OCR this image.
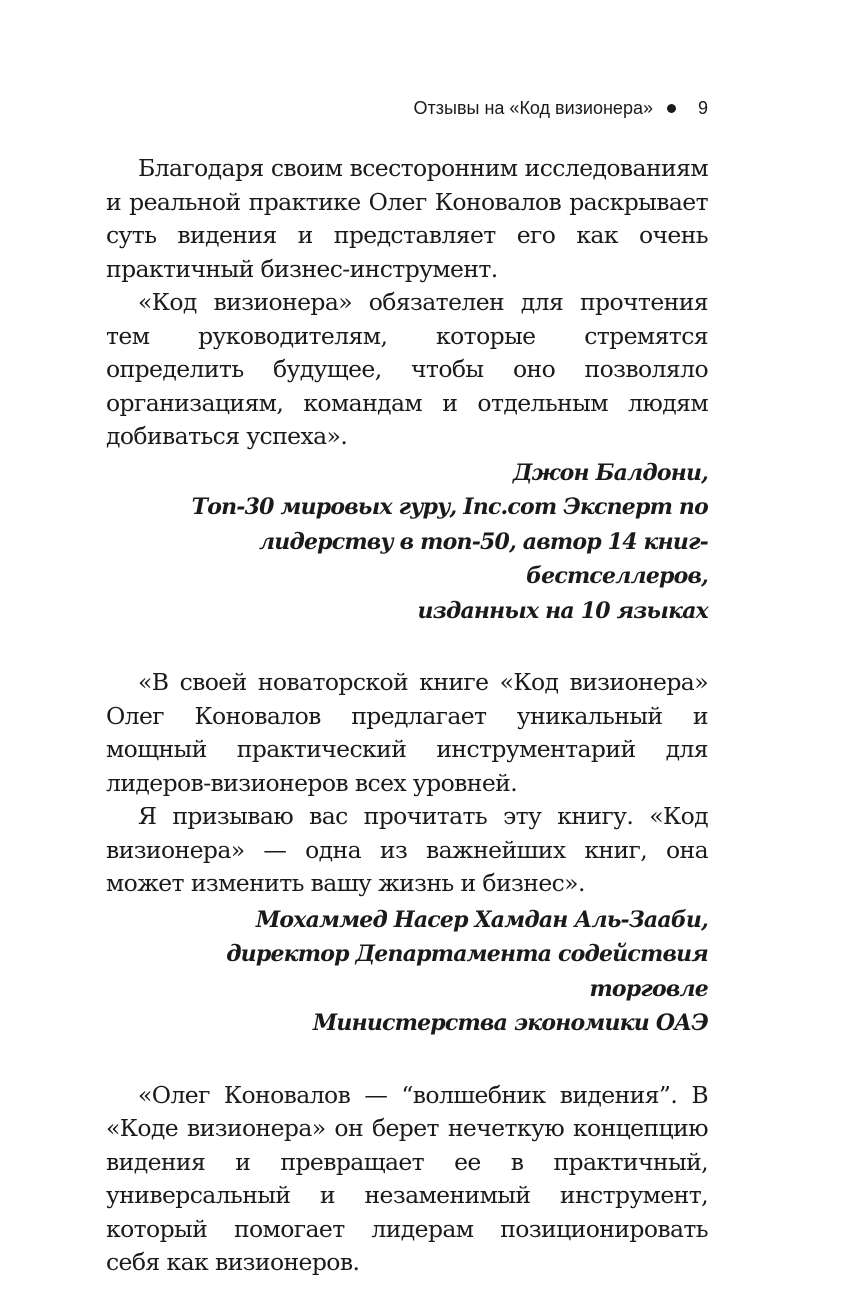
Отзывы на «Код визионера»	9

Благодаря своим всесторонним исследованиям и реальной практике Олег Коновалов раскрывает суть видения и представляет его как очень практичный бизнес-инструмент.

«Код визионера» обязателен для прочтения тем руководителям, которые стремятся определить будущее, чтобы оно позволяло организациям, командам и отдельным людям добиваться успеха».

Джон Балдони,
Топ-30 мировых гуру, Inc.com Эксперт по
лидерству в топ-50, автор 14 книг-бестселлеров,
изданных на 10 языках

«В своей новаторской книге «Код визионера» Олег Коновалов предлагает уникальный и мощный практический инструментарий для лидеров-визионеров всех уровней.

Я призываю вас прочитать эту книгу. «Код визионера» — одна из важнейших книг, она может изменить вашу жизнь и бизнес».

Мохаммед Насер Хамдан Аль-Зааби,
директор Департамента содействия торговле
Министерства экономики ОАЭ

«Олег Коновалов — “волшебник видения”. В «Коде визионера» он берет нечеткую концепцию видения и превращает ее в практичный, универсальный и незаменимый инструмент, который помогает лидерам позиционировать себя как визионеров.
